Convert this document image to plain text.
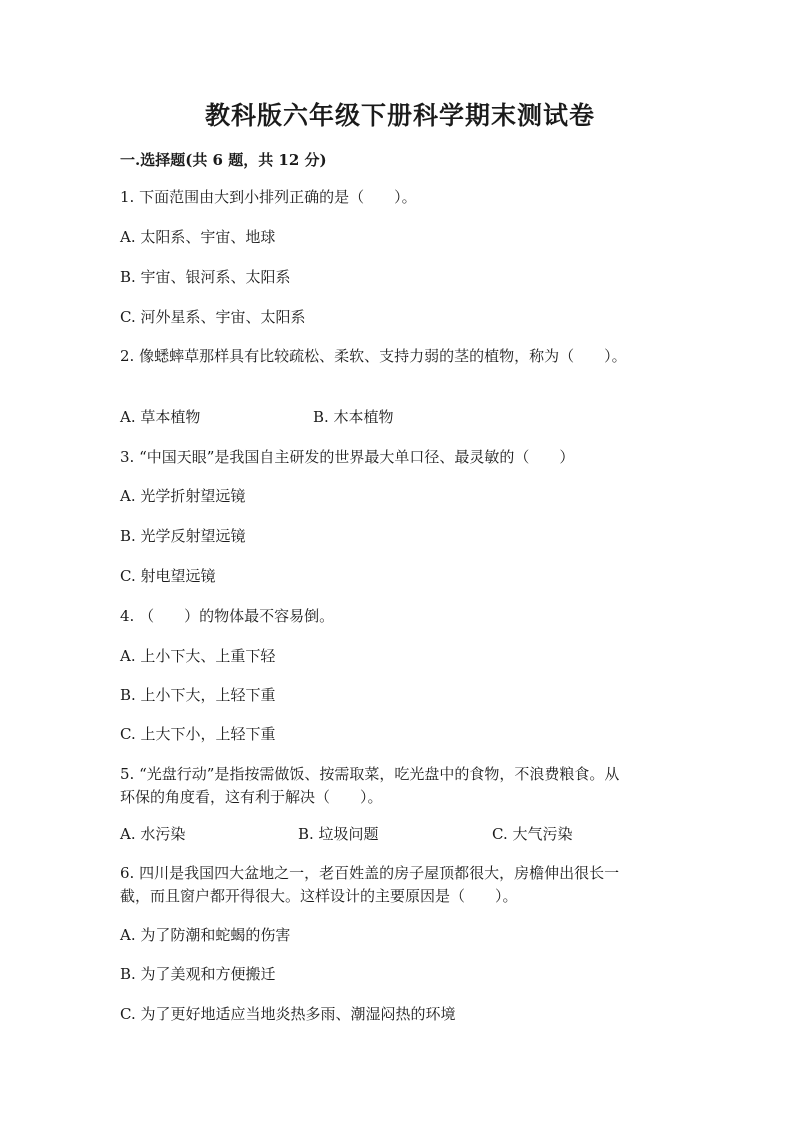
教科版六年级下册科学期末测试卷
一.选择题(共 6 题，共 12 分)
1. 下面范围由大到小排列正确的是（　　）。
A. 太阳系、宇宙、地球
B. 宇宙、银河系、太阳系
C. 河外星系、宇宙、太阳系
2. 像蟋蟀草那样具有比较疏松、柔软、支持力弱的茎的植物，称为（　　）。
A. 草本植物	B. 木本植物
3. “中国天眼”是我国自主研发的世界最大单口径、最灵敏的（　　）
A. 光学折射望远镜
B. 光学反射望远镜
C. 射电望远镜
4. （　　）的物体最不容易倒。
A. 上小下大、上重下轻
B. 上小下大，上轻下重
C. 上大下小，上轻下重
5. “光盘行动”是指按需做饭、按需取菜，吃光盘中的食物，不浪费粮食。从
环保的角度看，这有利于解决（　　）。
A. 水污染	B. 垃圾问题	C. 大气污染
6. 四川是我国四大盆地之一，老百姓盖的房子屋顶都很大，房檐伸出很长一
截，而且窗户都开得很大。这样设计的主要原因是（　　）。
A. 为了防潮和蛇蝎的伤害
B. 为了美观和方便搬迁
C. 为了更好地适应当地炎热多雨、潮湿闷热的环境
